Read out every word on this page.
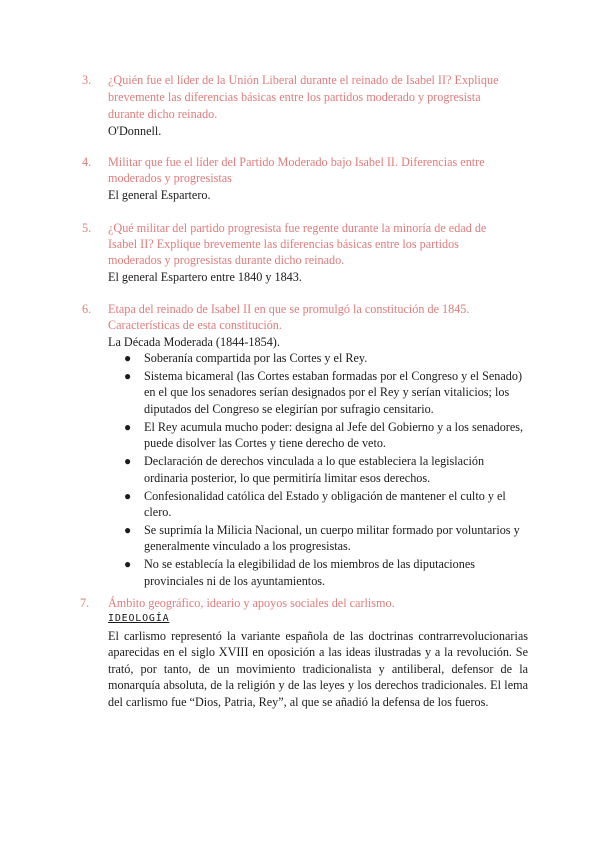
3. ¿Quién fue el líder de la Unión Liberal durante el reinado de Isabel II? Explique
brevemente las diferencias básicas entre los partidos moderado y progresista
durante dicho reinado.
O'Donnell.
4. Militar que fue el líder del Partido Moderado bajo Isabel II. Diferencias entre
moderados y progresistas
El general Espartero.
5. ¿Qué militar del partido progresista fue regente durante la minoría de edad de
Isabel II? Explique brevemente las diferencias básicas entre los partidos
moderados y progresistas durante dicho reinado.
El general Espartero entre 1840 y 1843.
6. Etapa del reinado de Isabel II en que se promulgó la constitución de 1845.
Características de esta constitución.
La Década Moderada (1844-1854).
● Soberanía compartida por las Cortes y el Rey.
● Sistema bicameral (las Cortes estaban formadas por el Congreso y el Senado) en el que los senadores serían designados por el Rey y serían vitalicios; los diputados del Congreso se elegirían por sufragio censitario.
● El Rey acumula mucho poder: designa al Jefe del Gobierno y a los senadores, puede disolver las Cortes y tiene derecho de veto.
● Declaración de derechos vinculada a lo que estableciera la legislación ordinaria posterior, lo que permitiría limitar esos derechos.
● Confesionalidad católica del Estado y obligación de mantener el culto y el clero.
● Se suprimía la Milicia Nacional, un cuerpo militar formado por voluntarios y generalmente vinculado a los progresistas.
● No se establecía la elegibilidad de los miembros de las diputaciones provinciales ni de los ayuntamientos.
7. Ámbito geográfico, ideario y apoyos sociales del carlismo.
IDEOLOGÍA
El carlismo representó la variante española de las doctrinas contrarrevolucionarias aparecidas en el siglo XVIII en oposición a las ideas ilustradas y a la revolución. Se trató, por tanto, de un movimiento tradicionalista y antiliberal, defensor de la monarquía absoluta, de la religión y de las leyes y los derechos tradicionales. El lema del carlismo fue “Dios, Patria, Rey”, al que se añadió la defensa de los fueros.
